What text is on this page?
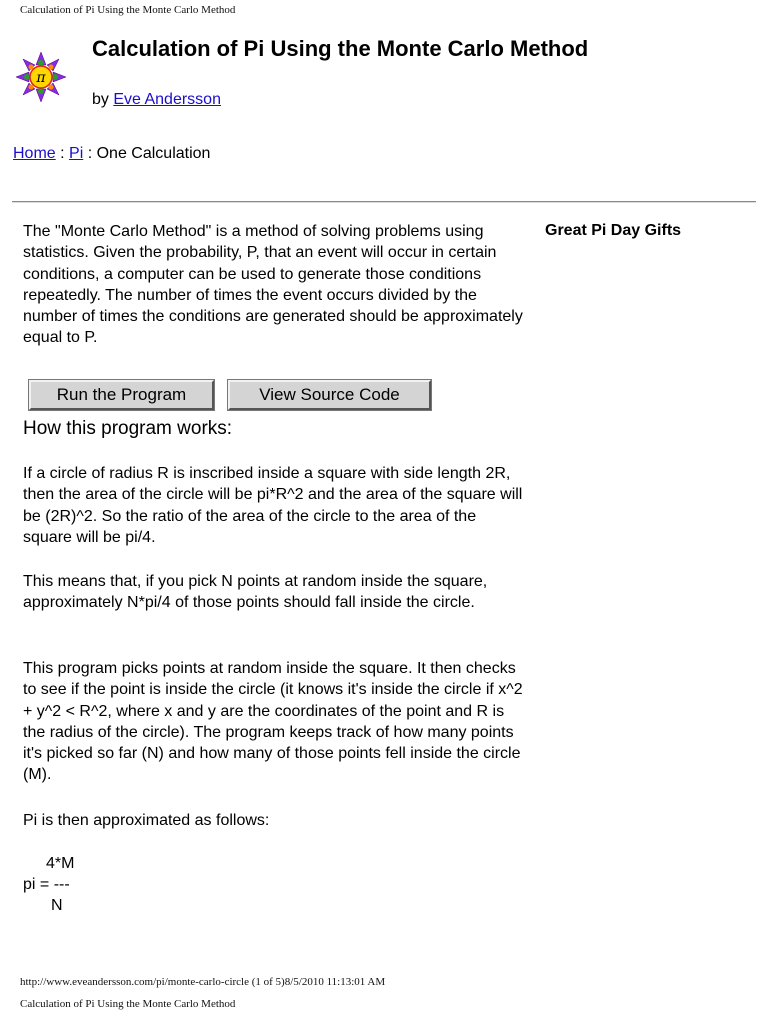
Calculation of Pi Using the Monte Carlo Method
π
Calculation of Pi Using the Monte Carlo Method
by Eve Andersson
Home : Pi : One Calculation

The "Monte Carlo Method" is a method of solving problems using statistics. Given the probability, P, that an event will occur in certain conditions, a computer can be used to generate those conditions repeatedly. The number of times the event occurs divided by the number of times the conditions are generated should be approximately equal to P.

Great Pi Day Gifts
Run the Program	View Source Code
How this program works:

If a circle of radius R is inscribed inside a square with side length 2R, then the area of the circle will be pi*R^2 and the area of the square will be (2R)^2. So the ratio of the area of the circle to the area of the square will be pi/4.

This means that, if you pick N points at random inside the square, approximately N*pi/4 of those points should fall inside the circle.

This program picks points at random inside the square. It then checks to see if the point is inside the circle (it knows it's inside the circle if x^2 + y^2 < R^2, where x and y are the coordinates of the point and R is the radius of the circle). The program keeps track of how many points it's picked so far (N) and how many of those points fell inside the circle (M).

Pi is then approximated as follows:

4*M
pi = ---
N
http://www.eveandersson.com/pi/monte-carlo-circle (1 of 5)8/5/2010 11:13:01 AM
Calculation of Pi Using the Monte Carlo Method
